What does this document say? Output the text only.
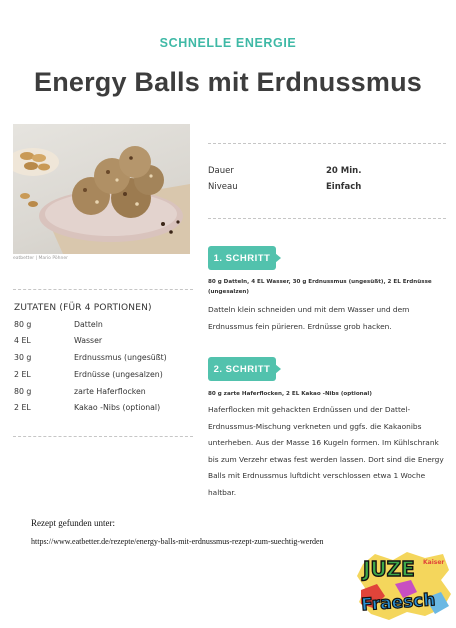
SCHNELLE ENERGIE
Energy Balls mit Erdnussmus
eatbetter | Mario Pöhner
Dauer	20 Min.
Niveau	Einfach
1. SCHRITT
80 g Datteln, 4 EL Wasser, 30 g Erdnussmus (ungesüßt), 2 EL Erdnüsse
(ungesalzen)
Datteln klein schneiden und mit dem Wasser und dem
Erdnussmus fein pürieren. Erdnüsse grob hacken.
2. SCHRITT
80 g zarte Haferflocken, 2 EL Kakao -Nibs (optional)
Haferflocken mit gehackten Erdnüssen und der Dattel-
Erdnussmus-Mischung verkneten und ggfs. die Kakaonibs
unterheben. Aus der Masse 16 Kugeln formen. Im Kühlschrank
bis zum Verzehr etwas fest werden lassen. Dort sind die Energy
Balls mit Erdnussmus luftdicht verschlossen etwa 1 Woche
haltbar.
ZUTATEN (FÜR 4 PORTIONEN)
80 g	Datteln
4 EL	Wasser
30 g	Erdnussmus (ungesüßt)
2 EL	Erdnüsse (ungesalzen)
80 g	zarte Haferflocken
2 EL	Kakao -Nibs (optional)
Rezept gefunden unter:
https://www.eatbetter.de/rezepte/energy-balls-mit-erdnussmus-rezept-zum-suechtig-werden
JUZE Kaiser
Fraesch
